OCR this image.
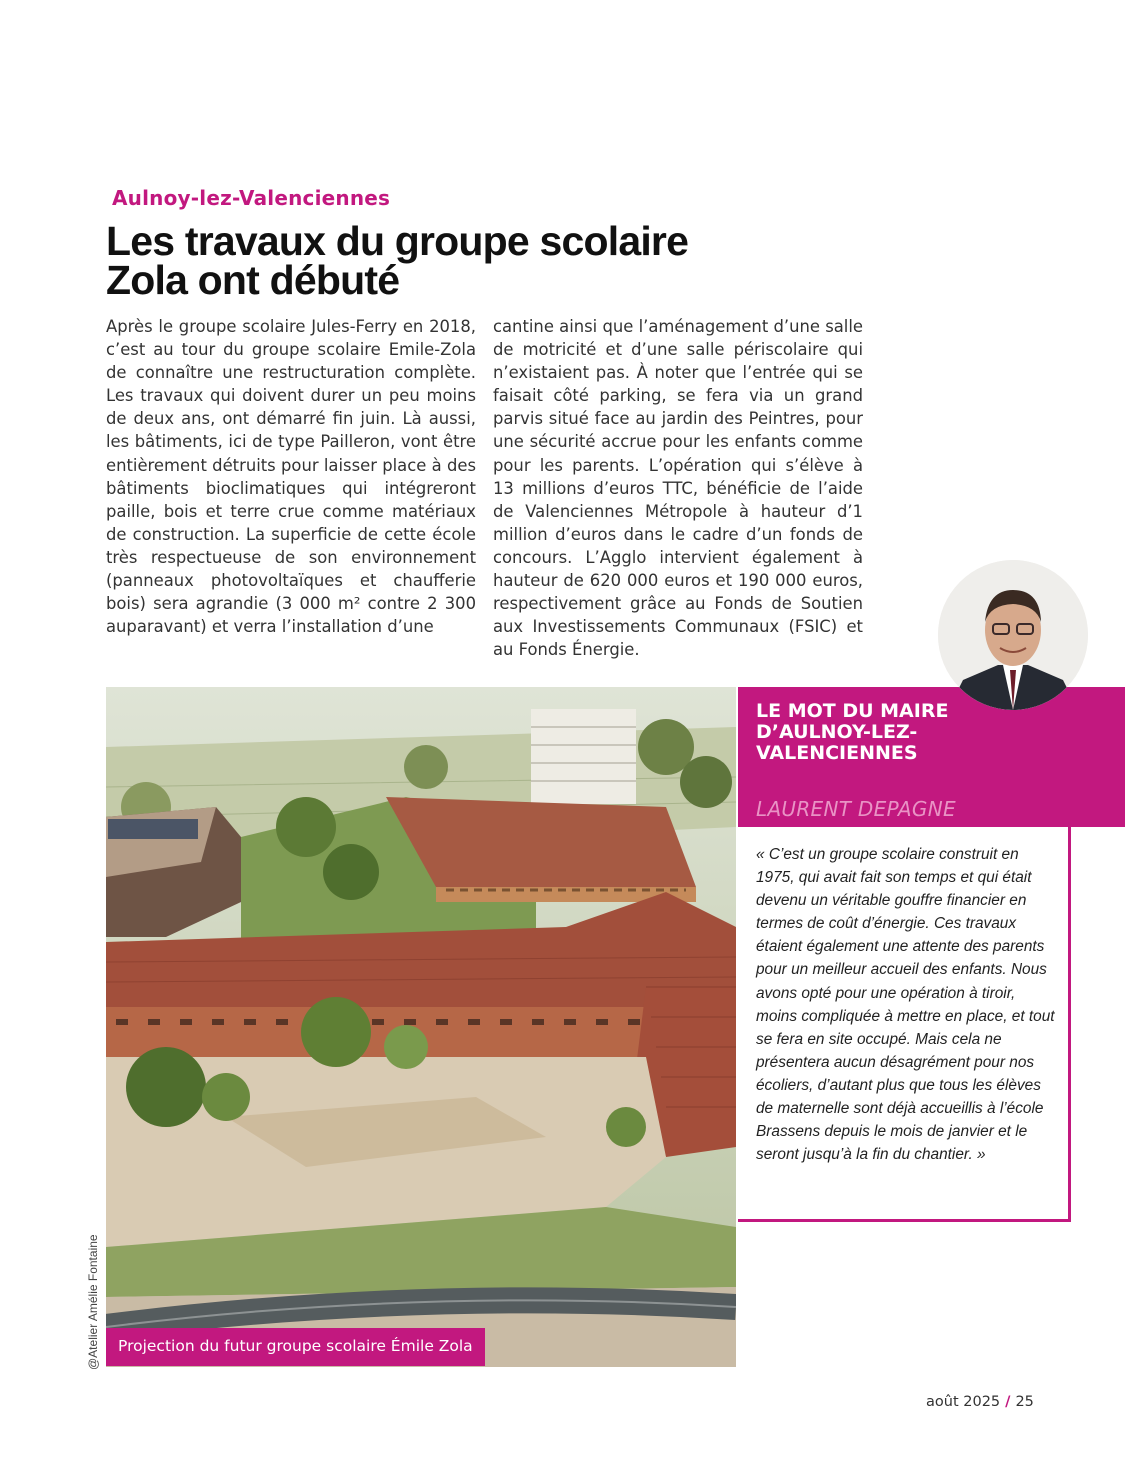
Aulnoy-lez-Valenciennes
Les travaux du groupe scolaire Zola ont débuté

Après le groupe scolaire Jules-Ferry en 2018, c’est au tour du groupe scolaire Emile-Zola de connaître une restructuration complète. Les travaux qui doivent durer un peu moins de deux ans, ont démarré fin juin. Là aussi, les bâtiments, ici de type Pailleron, vont être entièrement détruits pour laisser place à des bâtiments bioclimatiques qui intégreront paille, bois et terre crue comme matériaux de construction. La superficie de cette école très respectueuse de son environnement (panneaux photovoltaïques et chaufferie bois) sera agrandie (3 000 m² contre 2 300 auparavant) et verra l’installation d’une

cantine ainsi que l’aménagement d’une salle de motricité et d’une salle périscolaire qui n’existaient pas. À noter que l’entrée qui se faisait côté parking, se fera via un grand parvis situé face au jardin des Peintres, pour une sécurité accrue pour les enfants comme pour les parents. L’opération qui s’élève à 13 millions d’euros TTC, bénéficie de l’aide de Valenciennes Métropole à hauteur d’1 million d’euros dans le cadre d’un fonds de concours. L’Agglo intervient également à hauteur de 620 000 euros et 190 000 euros, respectivement grâce au Fonds de Soutien aux Investissements Communaux (FSIC) et au Fonds Énergie.

Projection du futur groupe scolaire Émile Zola
@Atelier Amélie Fontaine
LE MOT DU MAIRE D’AULNOY-LEZ-VALENCIENNES
LAURENT DEPAGNE

« C’est un groupe scolaire construit en 1975, qui avait fait son temps et qui était devenu un véritable gouffre financier en termes de coût d’énergie. Ces travaux étaient également une attente des parents pour un meilleur accueil des enfants. Nous avons opté pour une opération à tiroir, moins compliquée à mettre en place, et tout se fera en site occupé. Mais cela ne présentera aucun désagrément pour nos écoliers, d’autant plus que tous les élèves de maternelle sont déjà accueillis à l’école Brassens depuis le mois de janvier et le seront jusqu’à la fin du chantier. »

août 2025 / 25
